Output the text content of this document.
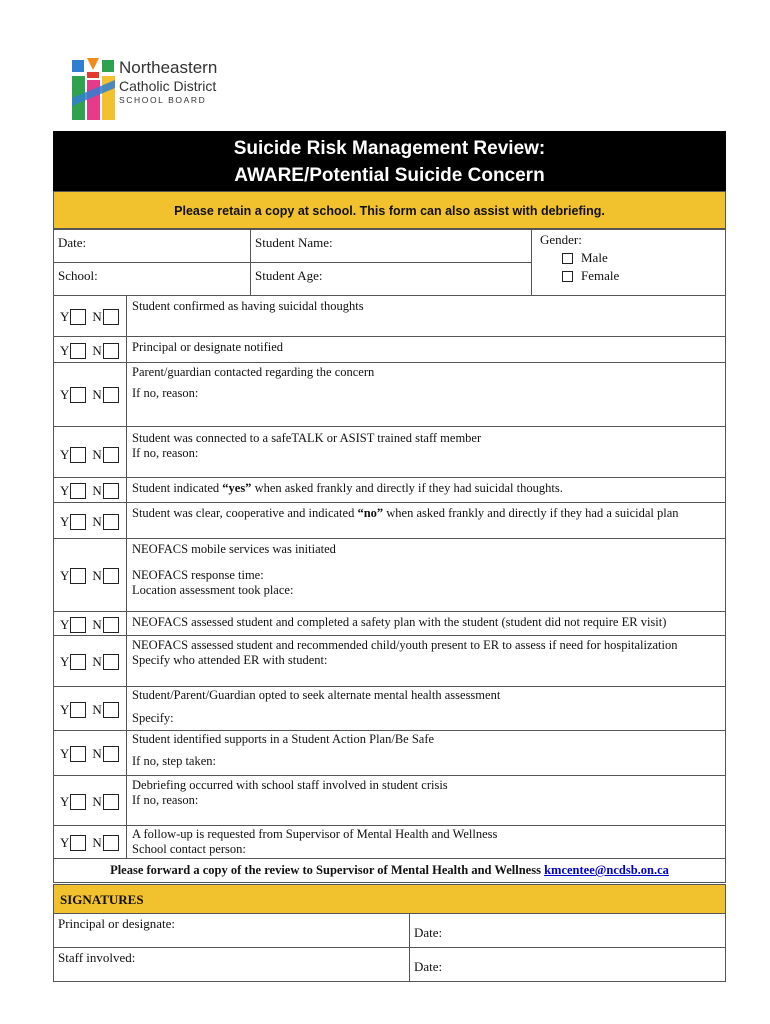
Northeastern
Catholic District
SCHOOL BOARD
Suicide Risk Management Review:
AWARE/Potential Suicide Concern
Please retain a copy at school. This form can also assist with debriefing.
Date:	Student Name:
School:	Student Age:
Gender:
Male
Female
Y N

Student confirmed as having suicidal thoughts

Y N Principal or designate notified

Y N

Parent/guardian contacted regarding the concern

If no, reason:

Y N

Student was connected to a safeTALK or ASIST trained staff member

If no, reason:

Y N Student indicated “yes” when asked frankly and directly if they had suicidal thoughts.

Y N

Student was clear, cooperative and indicated “no” when asked frankly and directly if they had a suicidal plan

Y N

NEOFACS mobile services was initiated

NEOFACS response time:

Location assessment took place:

Y N NEOFACS assessed student and completed a safety plan with the student (student did not require ER visit)

Y N

NEOFACS assessed student and recommended child/youth present to ER to assess if need for hospitalization

Specify who attended ER with student:

Y N

Student/Parent/Guardian opted to seek alternate mental health assessment

Specify:

Y N

Student identified supports in a Student Action Plan/Be Safe

If no, step taken:

Y N

Debriefing occurred with school staff involved in student crisis

If no, reason:

Y N

A follow-up is requested from Supervisor of Mental Health and Wellness

School contact person:

Please forward a copy of the review to Supervisor of Mental Health and Wellness kmcentee@ncdsb.on.ca
SIGNATURES
Principal or designate:
Date:
Staff involved:
Date:
